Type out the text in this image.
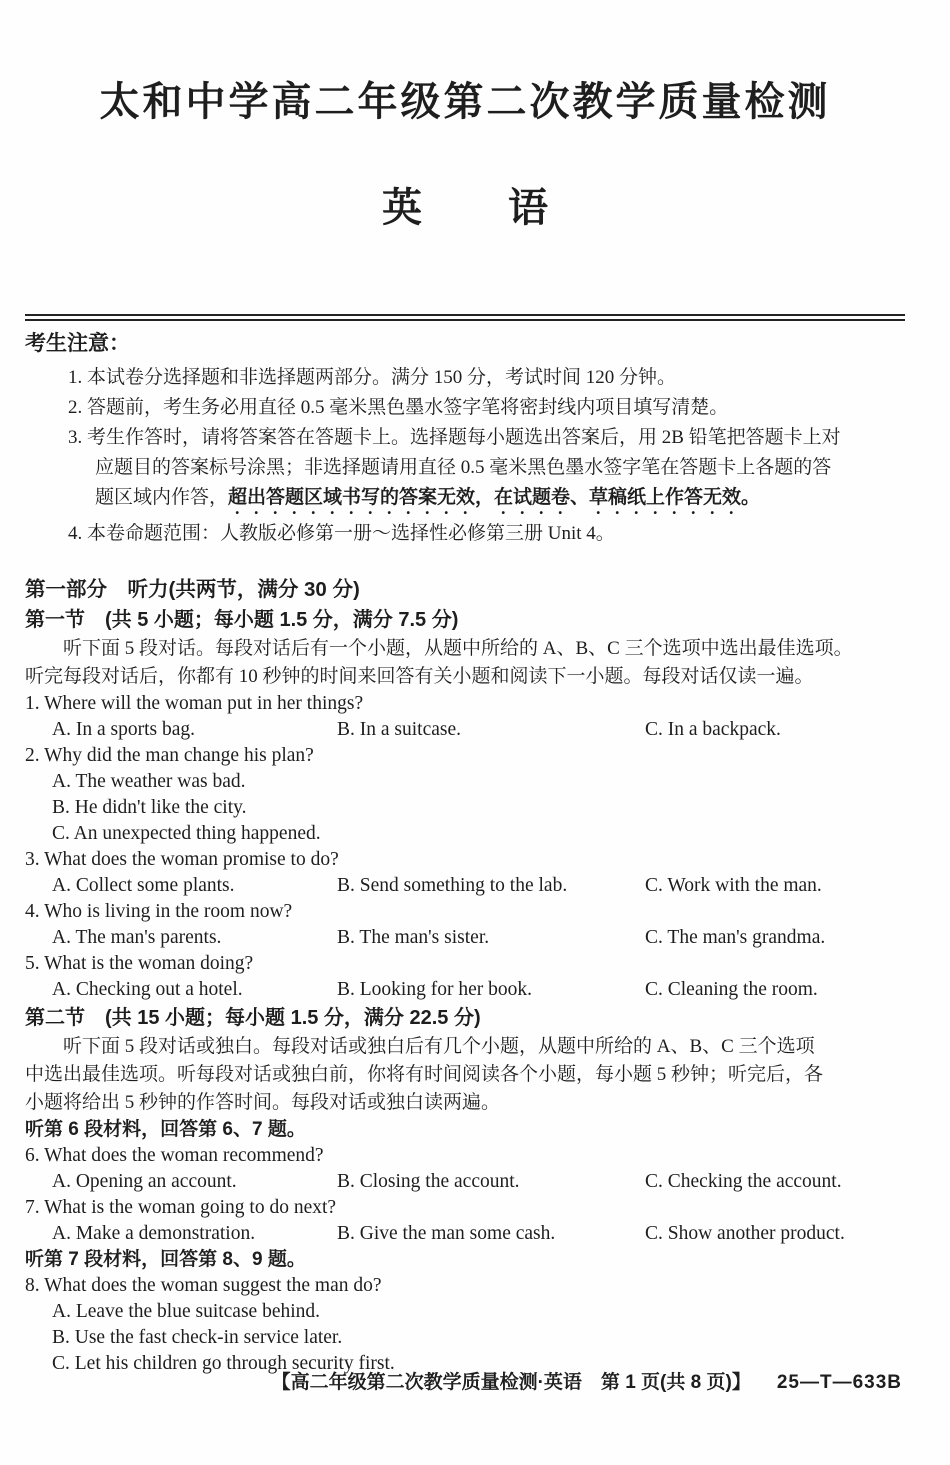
太和中学高二年级第二次教学质量检测
英 语
考生注意：
1. 本试卷分选择题和非选择题两部分。满分 150 分，考试时间 120 分钟。
2. 答题前，考生务必用直径 0.5 毫米黑色墨水签字笔将密封线内项目填写清楚。
3. 考生作答时，请将答案答在答题卡上。选择题每小题选出答案后，用 2B 铅笔把答题卡上对
应题目的答案标号涂黑；非选择题请用直径 0.5 毫米黑色墨水签字笔在答题卡上各题的答
题区域内作答，超出答题区域书写的答案无效，在试题卷、草稿纸上作答无效。
4. 本卷命题范围：人教版必修第一册～选择性必修第三册 Unit 4。
第一部分　听力(共两节，满分 30 分)
第一节　(共 5 小题；每小题 1.5 分，满分 7.5 分)
听下面 5 段对话。每段对话后有一个小题，从题中所给的 A、B、C 三个选项中选出最佳选项。
听完每段对话后，你都有 10 秒钟的时间来回答有关小题和阅读下一小题。每段对话仅读一遍。
1. Where will the woman put in her things?
A. In a sports bag.	B. In a suitcase.	C. In a backpack.
2. Why did the man change his plan?
A. The weather was bad.
B. He didn't like the city.
C. An unexpected thing happened.
3. What does the woman promise to do?
A. Collect some plants.	B. Send something to the lab.	C. Work with the man.
4. Who is living in the room now?
A. The man's parents.	B. The man's sister.	C. The man's grandma.
5. What is the woman doing?
A. Checking out a hotel.	B. Looking for her book.	C. Cleaning the room.
第二节　(共 15 小题；每小题 1.5 分，满分 22.5 分)
听下面 5 段对话或独白。每段对话或独白后有几个小题，从题中所给的 A、B、C 三个选项
中选出最佳选项。听每段对话或独白前，你将有时间阅读各个小题，每小题 5 秒钟；听完后，各
小题将给出 5 秒钟的作答时间。每段对话或独白读两遍。
听第 6 段材料，回答第 6、7 题。
6. What does the woman recommend?
A. Opening an account.	B. Closing the account.	C. Checking the account.
7. What is the woman going to do next?
A. Make a demonstration.	B. Give the man some cash.	C. Show another product.
听第 7 段材料，回答第 8、9 题。
8. What does the woman suggest the man do?
A. Leave the blue suitcase behind.
B. Use the fast check-in service later.
C. Let his children go through security first.
【高二年级第二次教学质量检测·英语　第 1 页(共 8 页)】 25—T—633B
